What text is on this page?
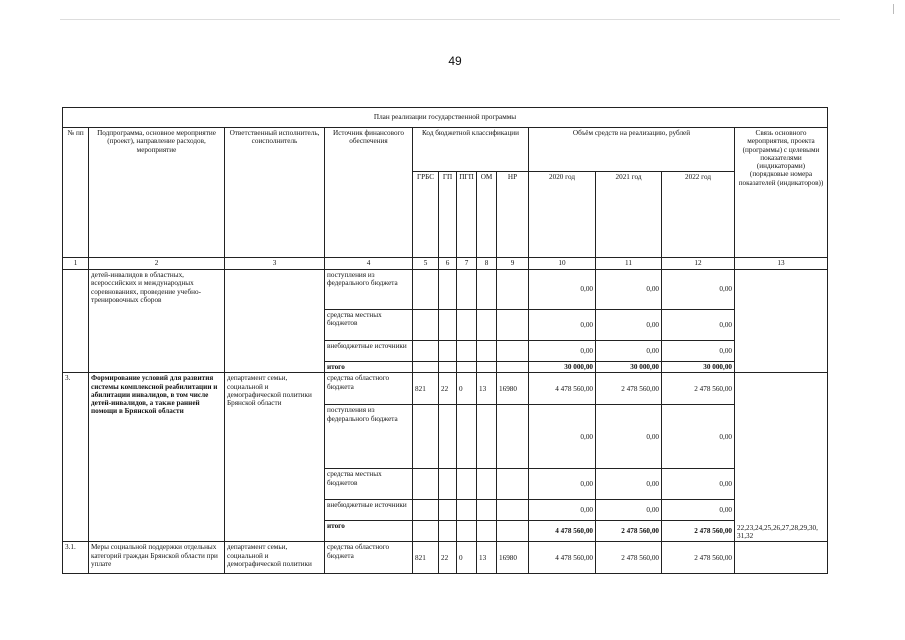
49
План реализации государственной программы												
№ пп	Подпрограмма, основное мероприятие (проект), направление расходов, мероприятие	Ответственный исполнитель, соисполнитель	Источник финансового обеспечения	Код бюджетной классификации					Объём средств на реализацию, рублей			Связь основного мероприятия, проекта (программы) с целевыми показателями (индикаторами) (порядковые номера показателей (индикаторов))
				ГРБС	ГП	ПГП	ОМ	НР	2020 год	2021 год	2022 год	
1	2	3	4	5	6	7	8	9	10	11	12	13
	детей-инвалидов в областных, всероссийских и международных соревнованиях, проведение учебно-тренировочных сборов		поступления из федерального бюджета						0,00	0,00	0,00	
			средства местных бюджетов						0,00	0,00	0,00	
			внебюджетные источники						0,00	0,00	0,00	
			итого						30 000,00	30 000,00	30 000,00	
3.	Формирование условий для развития системы комплексной реабилитации и абилитации инвалидов, в том числе детей-инвалидов, а также ранней помощи в Брянской области	департамент семьи, социальной и демографической политики Брянской области	средства областного бюджета	821	22	0	13	16980	4 478 560,00	2 478 560,00	2 478 560,00	22,23,24,25,26,27,28,29,30, 31,32
			поступления из федерального бюджета						0,00	0,00	0,00	
			средства местных бюджетов						0,00	0,00	0,00	
			внебюджетные источники						0,00	0,00	0,00	
			итого						4 478 560,00	2 478 560,00	2 478 560,00	
3.1.	Меры социальной поддержки отдельных категорий граждан Брянской области при уплате	департамент семьи, социальной и демографической политики	средства областного бюджета	821	22	0	13	16980	4 478 560,00	2 478 560,00	2 478 560,00	
